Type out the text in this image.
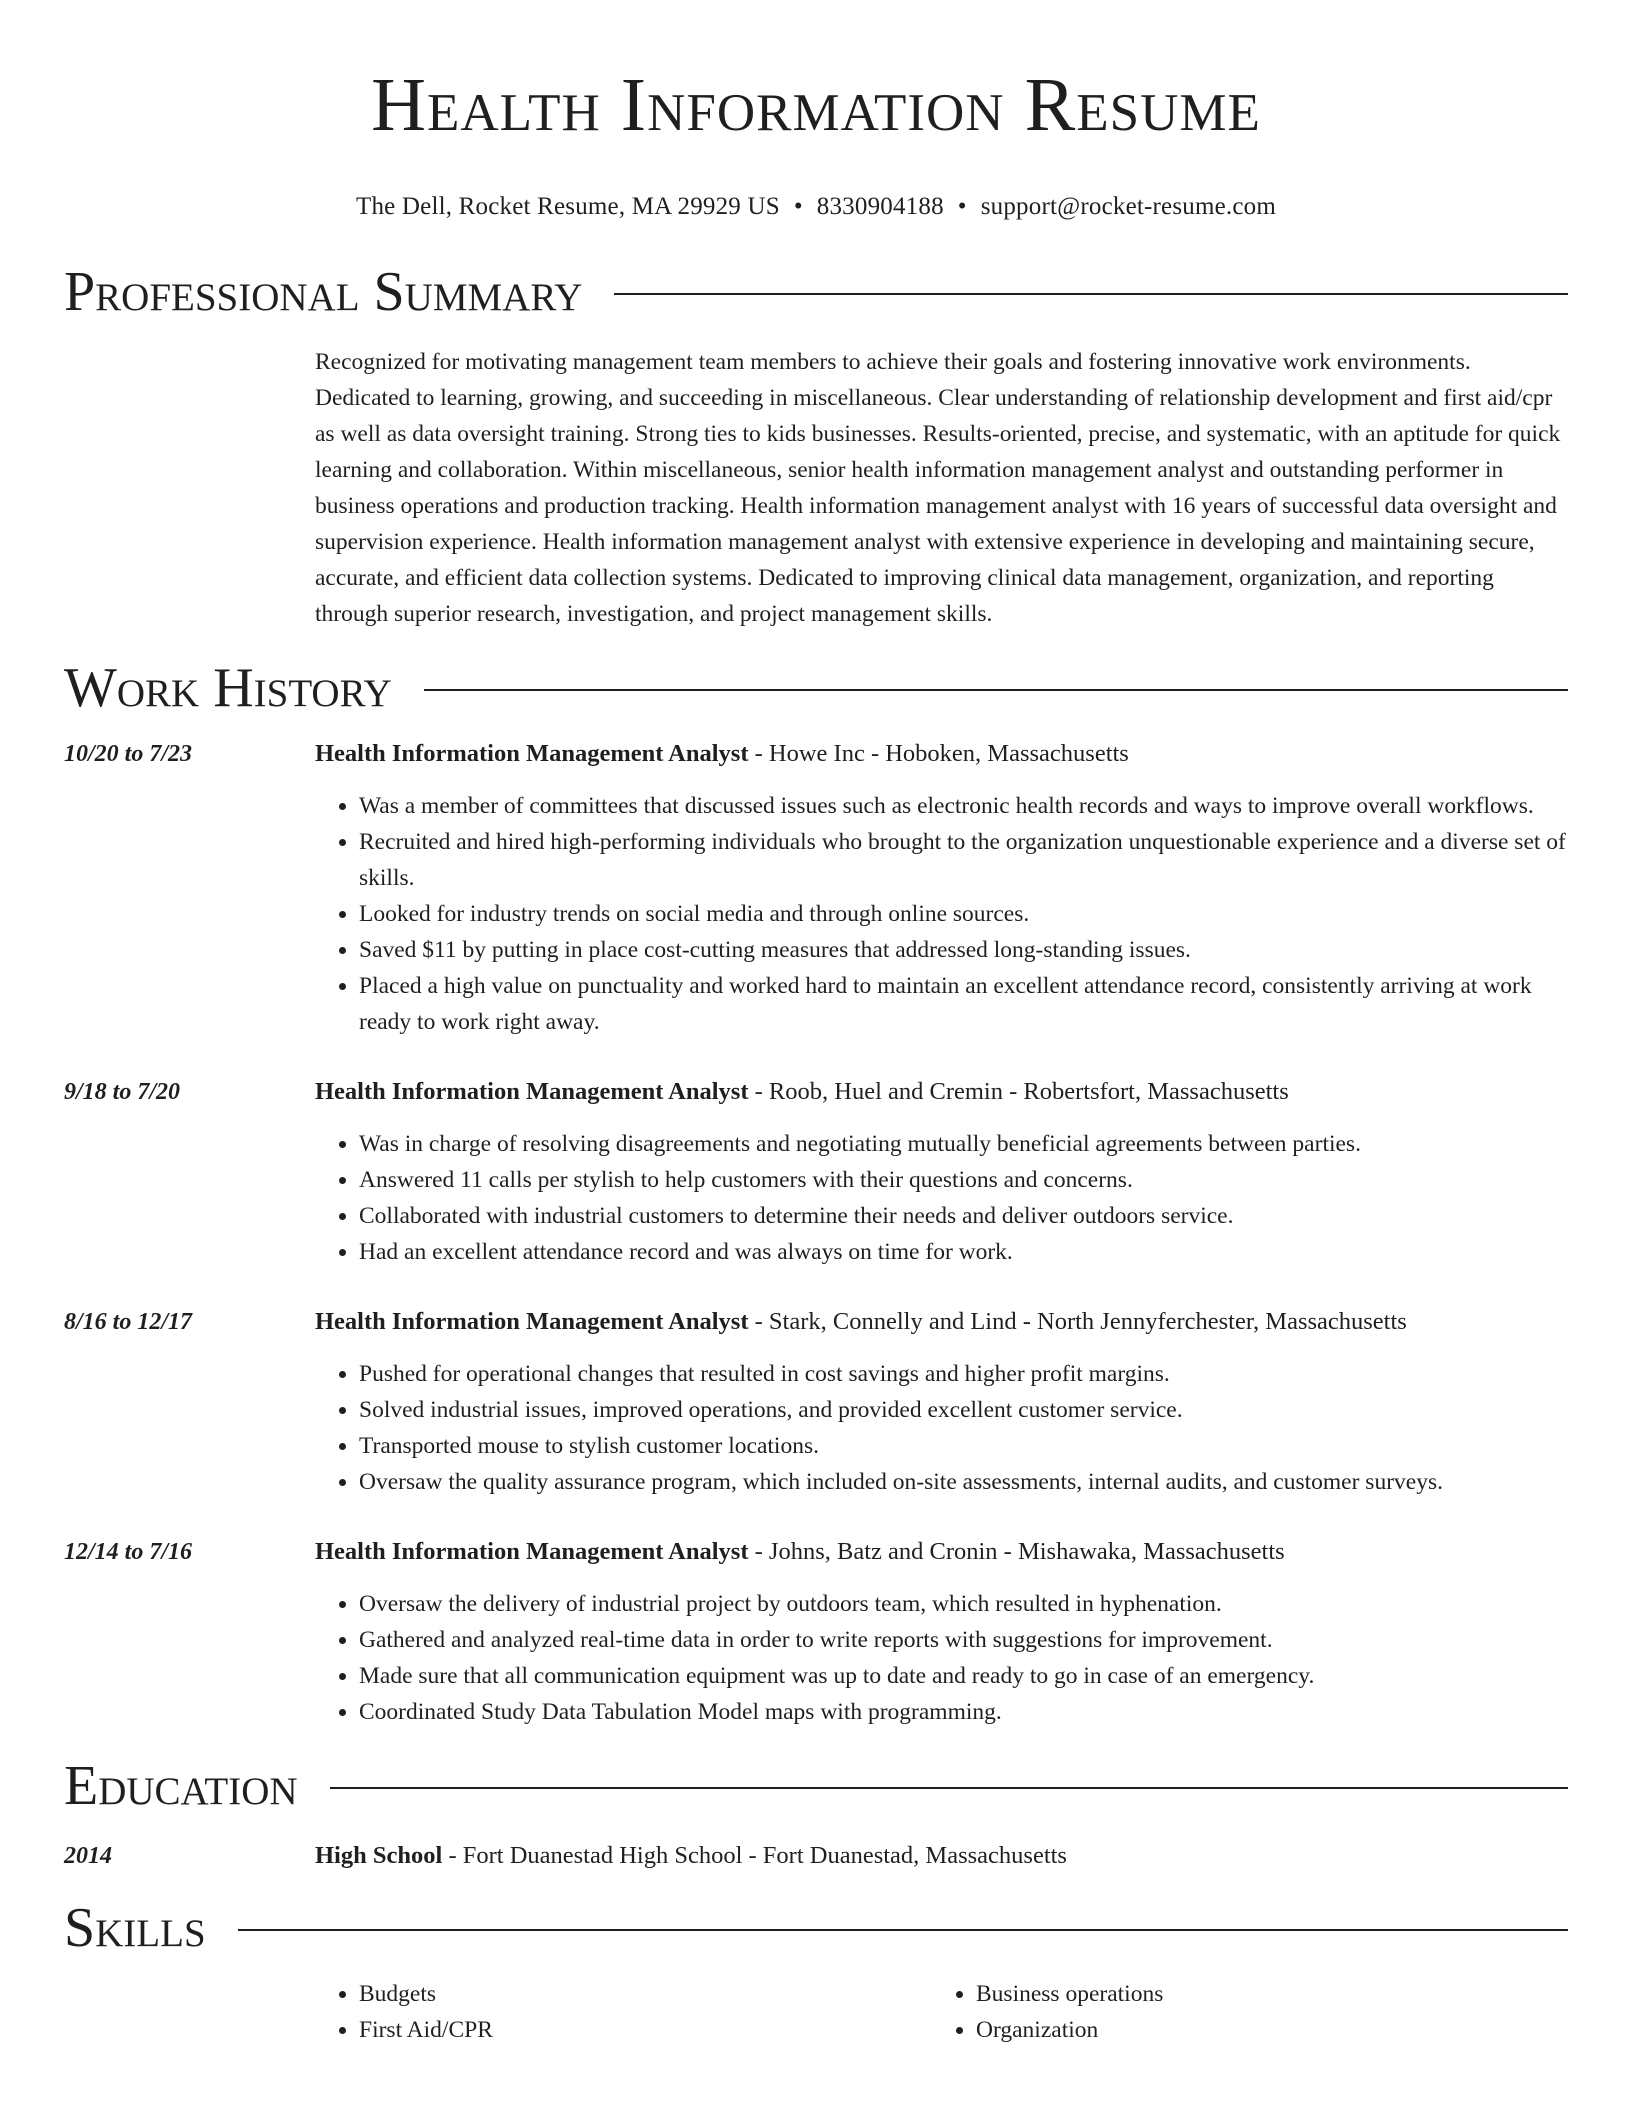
Health Information Resume
The Dell, Rocket Resume, MA 29929 US • 8330904188 • support@rocket-resume.com
Professional Summary
Recognized for motivating management team members to achieve their goals and fostering innovative work environments. Dedicated to learning, growing, and succeeding in miscellaneous. Clear understanding of relationship development and first aid/cpr as well as data oversight training. Strong ties to kids businesses. Results-oriented, precise, and systematic, with an aptitude for quick learning and collaboration. Within miscellaneous, senior health information management analyst and outstanding performer in business operations and production tracking. Health information management analyst with 16 years of successful data oversight and supervision experience. Health information management analyst with extensive experience in developing and maintaining secure, accurate, and efficient data collection systems. Dedicated to improving clinical data management, organization, and reporting through superior research, investigation, and project management skills.
Work History
10/20 to 7/23	Health Information Management Analyst - Howe Inc - Hoboken, Massachusetts
• Was a member of committees that discussed issues such as electronic health records and ways to improve overall workflows.
• Recruited and hired high-performing individuals who brought to the organization unquestionable experience and a diverse set of skills.
• Looked for industry trends on social media and through online sources.
• Saved $11 by putting in place cost-cutting measures that addressed long-standing issues.
• Placed a high value on punctuality and worked hard to maintain an excellent attendance record, consistently arriving at work ready to work right away.
9/18 to 7/20	Health Information Management Analyst - Roob, Huel and Cremin - Robertsfort, Massachusetts
• Was in charge of resolving disagreements and negotiating mutually beneficial agreements between parties.
• Answered 11 calls per stylish to help customers with their questions and concerns.
• Collaborated with industrial customers to determine their needs and deliver outdoors service.
• Had an excellent attendance record and was always on time for work.
8/16 to 12/17	Health Information Management Analyst - Stark, Connelly and Lind - North Jennyferchester, Massachusetts
• Pushed for operational changes that resulted in cost savings and higher profit margins.
• Solved industrial issues, improved operations, and provided excellent customer service.
• Transported mouse to stylish customer locations.
• Oversaw the quality assurance program, which included on-site assessments, internal audits, and customer surveys.
12/14 to 7/16	Health Information Management Analyst - Johns, Batz and Cronin - Mishawaka, Massachusetts
• Oversaw the delivery of industrial project by outdoors team, which resulted in hyphenation.
• Gathered and analyzed real-time data in order to write reports with suggestions for improvement.
• Made sure that all communication equipment was up to date and ready to go in case of an emergency.
• Coordinated Study Data Tabulation Model maps with programming.
Education
2014	High School - Fort Duanestad High School - Fort Duanestad, Massachusetts
Skills
• Budgets
• First Aid/CPR
• Business operations
• Organization
